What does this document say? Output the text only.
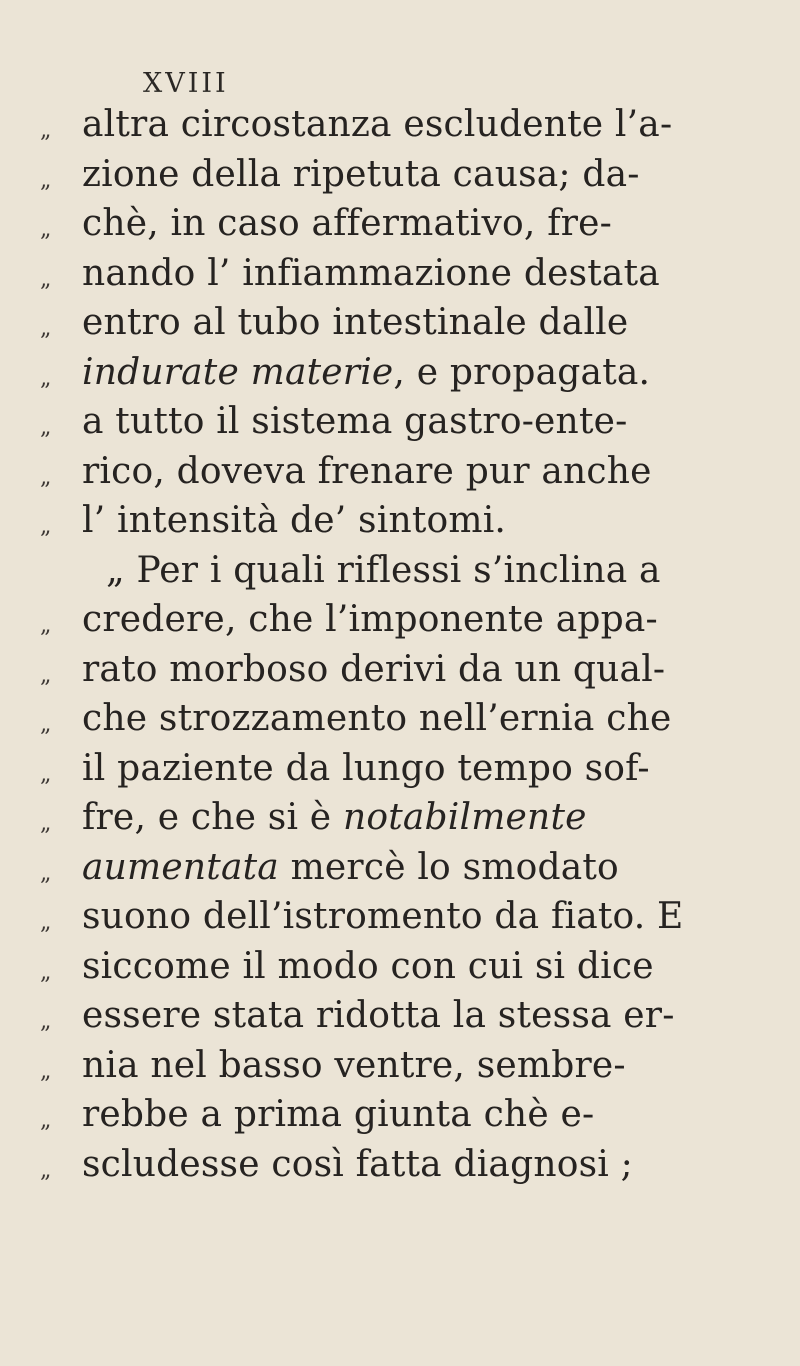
XVIII
„ altra circostanza escludente l’a-
„ zione della ripetuta causa; da-
„ chè, in caso affermativo, fre-
„ nando l’ infiammazione destata
„ entro al tubo intestinale dalle
„ indurate materie, e propagata.
„ a tutto il sistema gastro-ente-
„ rico, doveva frenare pur anche
„ l’ intensità de’ sintomi.
„ Per i quali riflessi s’inclina a
„ credere, che l’imponente appa-
„ rato morboso derivi da un qual-
„ che strozzamento nell’ernia che
„ il paziente da lungo tempo sof-
„ fre, e che si è notabilmente
„ aumentata mercè lo smodato
„ suono dell’istromento da fiato. E
„ siccome il modo con cui si dice
„ essere stata ridotta la stessa er-
„ nia nel basso ventre, sembre-
„ rebbe a prima giunta chè e-
„ scludesse così fatta diagnosi ;
